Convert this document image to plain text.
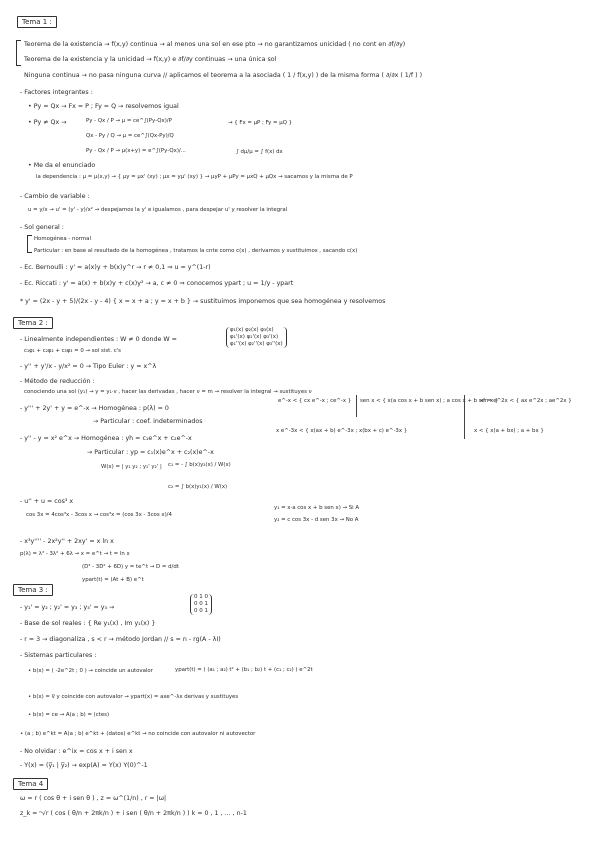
Tema 1 :
Teorema de la existencia → f(x,y) continua → al menos una sol en ese pto → no garantizamos unicidad ( no cont en ∂f/∂y)
Teorema de la existencia y la unicidad → f(x,y) e ∂f/∂y continuas → una única sol
Ninguna continua → no pasa ninguna curva // aplicamos el teorema a la asociada ( 1 / f(x,y) ) de la misma forma ( ∂/∂x ( 1/f ) )
- Factores integrantes :
• Py = Qx → Fx = P ; Fy = Q → resolvemos igual
• Py ≠ Qx →	Py - Qx / P → μ = ce^∫(Py-Qx)/P
Qx - Py / Q → μ = ce^∫(Qx-Py)/Q
Py - Qx / P → μ(x+y) = e^∫(Py-Qx)/...
→ { Fx = μP ; Fy = μQ }
∫ dμ/μ = ∫ f(x) dx
• Me da el enunciado
la dependencia : μ = μ(x,y) → { μy = μx' (xy) ; μx = yμ' (xy) } → μyP + μPy = μxQ + μQx → sacamos y la misma de P
- Cambio de variable :
u = y/x → u' = (y' - y)/x² → despejamos la y' e igualamos , para despejar u' y resolver la integral
- Sol general :
Homogénea - normal
Particular : en base al resultado de la homogénea , tratamos la cnte como c(x) , derivamos y sustituimos , sacando c(x)
- Ec. Bernoulli : y' = a(x)y + b(x)y^r → r ≠ 0,1 ⇒ u = y^(1-r)
- Ec. Riccati : y' = a(x) + b(x)y + c(x)y² → a, c ≠ 0 ⇒ conocemos ypart ; u = 1/y - ypart
* y' = (2x - y + 5)/(2x - y - 4) { x = x + a ; y = x + b } → sustituimos imponemos que sea homogénea y resolvemos
Tema 2 :
- Linealmente independientes : W ≠ 0 donde W =
φ₁(x) φ₂(x) φ₃(x)
φ₁'(x) φ₂'(x) φ₃'(x)
φ₁''(x) φ₂''(x) φ₃''(x)
c₁φ₁ + c₂φ₂ + c₃φ₃ = 0 → sol sist. c's
- y'' + y'/x - y/x² = 0 → Tipo Euler : y = x^λ
- Método de reducción :
conociendo una sol (y₁) → y = y₁·v , hacer las derivadas , hacer ν = m → resolver la integral → sustituyes ν
- y''' + 2y' + y = e^-x → Homogénea : p(λ) = 0
→ Particular : coef. indeterminados
- y'' - y = x² e^x → Homogénea : yh = c₁e^x + c₂e^-x
→ Particular : yp = c₁(x)e^x + c₂(x)e^-x
W(x) = | y₁ y₂ ; y₁' y₂' | c₁ = - ∫ b(x)y₂(x) / W(x)
c₂ = ∫ b(x)y₁(x) / W(x)
e^-x < { cx e^-x ; ce^-x } sen x < { x(a cos x + b sen x) ; a cos x + b sen x }
x² = e^2x < { ax e^2x ; ae^2x }
x e^-3x < { x(ax + b) e^-3x ; x(bx + c) e^-3x }	x < { x(a + bx) ; a + bx }
- u'' + u = cos³ x
cos 3x = 4cos³x - 3cos x → cos³x = (cos 3x - 3cos x)/4
y₁ = x·a cos x + b sen x) → Si A
y₂ = c cos 3x - d sen 3x → No A
- x³y'''' - 2x²y'' + 2xy' = x ln x
p(λ) = λ³ - 3λ² + 6λ → x = e^t → t = ln x
(D³ - 3D² + 6D) y = te^t → D = d/dt
ypart(t) = (At + B) e^t
Tema 3 :
- y₁' = y₂ ; y₂' = y₃ ; y₃' = y₃ →
0 1 0
0 0 1
0 0 1
- Base de sol reales : { Re y₁(x) , Im y₁(x) }
- r = 3 → diagonaliza , s < r → método Jordan // s = n - rg(A - λI)
- Sistemas particulares :
• b(x) = ( -2e^2t ; 0 ) → coincide un autovalor	ypart(t) = ( (a₁ ; a₂) t² + (b₁ ; b₂) t + (c₁ ; c₂) ) e^2t
• b(x) = v̅ y coincide con autovalor → ypart(x) = axe^-λx derivas y sustituyes
• b(x) = ce → A(a ; b) = (ctes)
• (a ; b) e^kt = A(a ; b) e^kt + (datos) e^kt → no coincide con autovalor ni autovector
- No olvidar : e^ix = cos x + i sen x
- Y(x) = (y̅₁ | y̅₂) → exp(A) = Y(x) Y(0)^-1
Tema 4
ω = r ( cos θ + i sen θ ) , z = ω^(1/n) , r = |ω|
z_k = ⁿ√r ( cos ( θ/n + 2πk/n ) + i sen ( θ/n + 2πk/n ) ) k = 0 , 1 , ... , n-1
